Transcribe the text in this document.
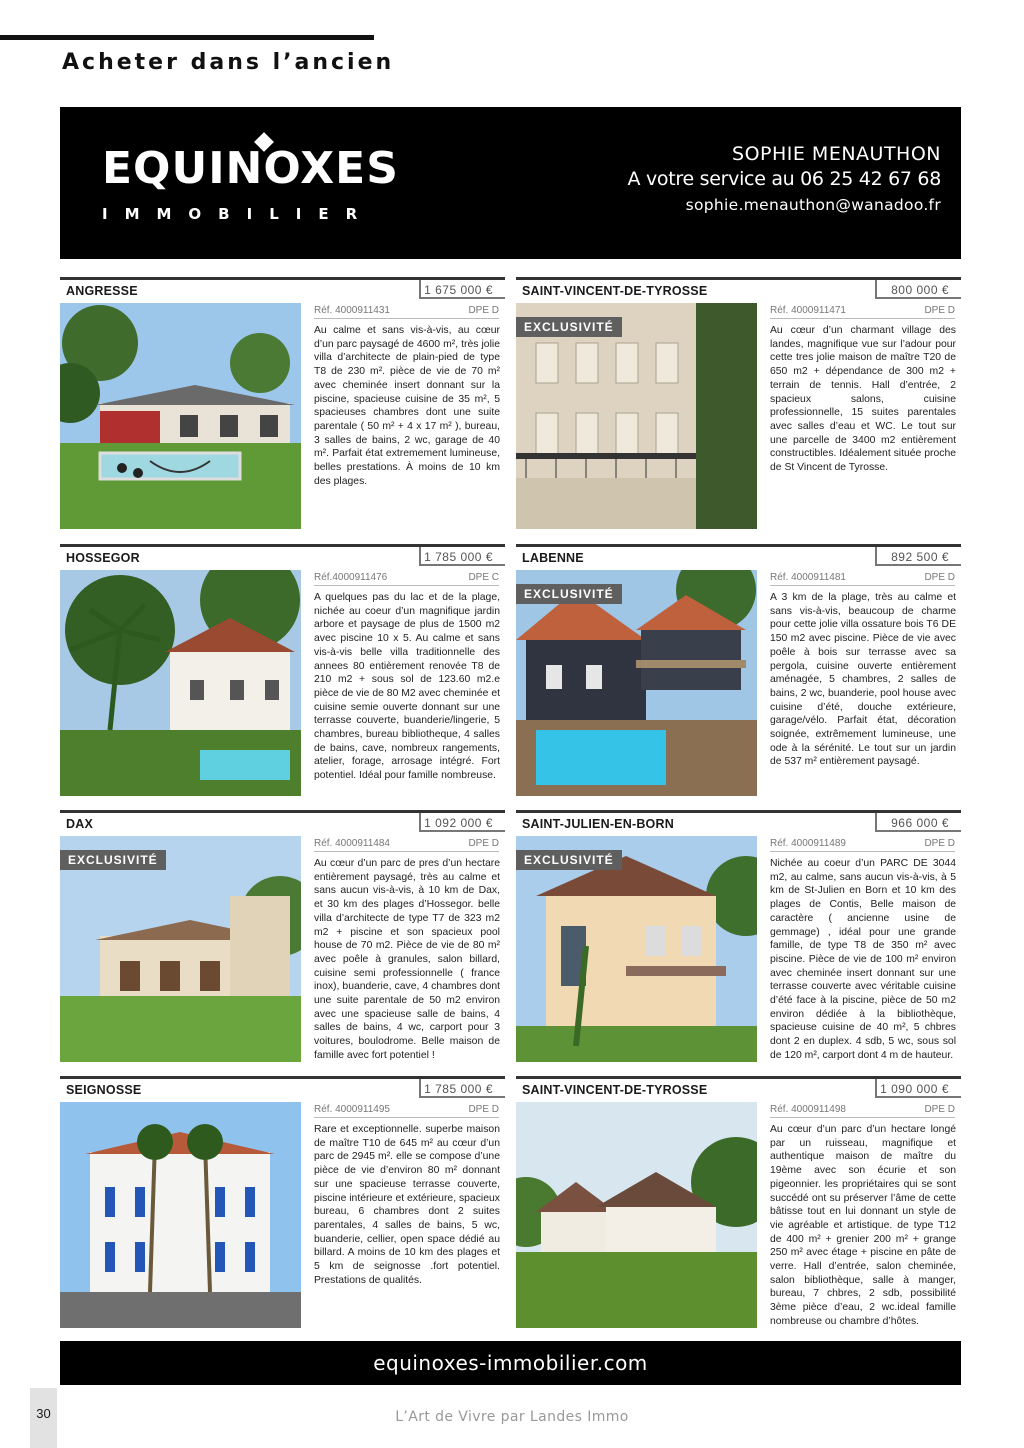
Acheter dans l’ancien
EQUINOXES
IMMOBILIER
SOPHIE MENAUTHON
A votre service au 06 25 42 67 68
sophie.menauthon@wanadoo.fr
ANGRESSE	1 675 000 €
Réf. 4000911431	DPE D
Au calme et sans vis-à-vis, au cœur d’un parc paysagé de 4600 m², très jolie villa d’architecte de plain-pied de type T8 de 230 m². pièce de vie de 70 m² avec cheminée insert donnant sur la piscine, spacieuse cuisine de 35 m², 5 spacieuses chambres dont une suite parentale ( 50 m² + 4 x 17 m² ), bureau, 3 salles de bains, 2 wc, garage de 40 m². Parfait état extremement lumineuse, belles prestations. À moins de 10 km des plages.
SAINT-VINCENT-DE-TYROSSE	800 000 €
EXCLUSIVITÉ
Réf. 4000911471	DPE D
Au cœur d’un charmant village des landes, magnifique vue sur l’adour pour cette tres jolie maison de maître T20 de 650 m2 + dépendance de 300 m2 + terrain de tennis. Hall d’entrée, 2 spacieux salons, cuisine professionnelle, 15 suites parentales avec salles d’eau et WC. Le tout sur une parcelle de 3400 m2 entièrement constructibles. Idéalement située proche de St Vincent de Tyrosse.
HOSSEGOR	1 785 000 €
Réf.4000911476	DPE C
A quelques pas du lac et de la plage, nichée au coeur d’un magnifique jardin arbore et paysage de plus de 1500 m2 avec piscine 10 x 5. Au calme et sans vis-à-vis belle villa traditionnelle des annees 80 entièrement renovée T8 de 210 m2 + sous sol de 123.60 m2.e pièce de vie de 80 M2 avec cheminée et cuisine semie ouverte donnant sur une terrasse couverte, buanderie/lingerie, 5 chambres, bureau bibliotheque, 4 salles de bains, cave, nombreux rangements, atelier, forage, arrosage intégré. Fort potentiel. Idéal pour famille nombreuse.
LABENNE	892 500 €
EXCLUSIVITÉ
Réf. 4000911481	DPE D
A 3 km de la plage, très au calme et sans vis-à-vis, beaucoup de charme pour cette jolie villa ossature bois T6 DE 150 m2 avec piscine. Pièce de vie avec poêle à bois sur terrasse avec sa pergola, cuisine ouverte entièrement aménagée, 5 chambres, 2 salles de bains, 2 wc, buanderie, pool house avec cuisine d’été, douche extérieure, garage/vélo. Parfait état, décoration soignée, extrêmement lumineuse, une ode à la sérénité. Le tout sur un jardin de 537 m² entièrement paysagé.
DAX	1 092 000 €
EXCLUSIVITÉ
Réf. 4000911484	DPE D
Au cœur d’un parc de pres d’un hectare entièrement paysagé, très au calme et sans aucun vis-à-vis, à 10 km de Dax, et 30 km des plages d’Hossegor. belle villa d’architecte de type T7 de 323 m2 m2 + piscine et son spacieux pool house de 70 m2. Pièce de vie de 80 m² avec poêle à granules, salon billard, cuisine semi professionnelle ( france inox), buanderie, cave, 4 chambres dont une suite parentale de 50 m2 environ avec une spacieuse salle de bains, 4 salles de bains, 4 wc, carport pour 3 voitures, boulodrome. Belle maison de famille avec fort potentiel !
SAINT-JULIEN-EN-BORN	966 000 €
EXCLUSIVITÉ
Réf. 4000911489	DPE D
Nichée au coeur d’un PARC DE 3044 m2, au calme, sans aucun vis-à-vis, à 5 km de St-Julien en Born et 10 km des plages de Contis, Belle maison de caractère ( ancienne usine de gemmage) , idéal pour une grande famille, de type T8 de 350 m² avec piscine. Pièce de vie de 100 m² environ avec cheminée insert donnant sur une terrasse couverte avec véritable cuisine d’été face à la piscine, pièce de 50 m2 environ dédiée à la bibliothèque, spacieuse cuisine de 40 m², 5 chbres dont 2 en duplex. 4 sdb, 5 wc, sous sol de 120 m², carport dont 4 m de hauteur.
SEIGNOSSE	1 785 000 €
Réf. 4000911495	DPE D
Rare et exceptionnelle. superbe maison de maître T10 de 645 m² au cœur d’un parc de 2945 m². elle se compose d’une pièce de vie d’environ 80 m² donnant sur une spacieuse terrasse couverte, piscine intérieure et extérieure, spacieux bureau, 6 chambres dont 2 suites parentales, 4 salles de bains, 5 wc, buanderie, cellier, open space dédié au billard. A moins de 10 km des plages et 5 km de seignosse .fort potentiel. Prestations de qualités.
SAINT-VINCENT-DE-TYROSSE	1 090 000 €
Réf. 4000911498	DPE D
Au cœur d’un parc d’un hectare longé par un ruisseau, magnifique et authentique maison de maître du 19ème avec son écurie et son pigeonnier. les propriétaires qui se sont succédé ont su préserver l’âme de cette bâtisse tout en lui donnant un style de vie agréable et artistique. de type T12 de 400 m² + grenier 200 m² + grange 250 m² avec étage + piscine en pâte de verre. Hall d’entrée, salon cheminée, salon bibliothèque, salle à manger, bureau, 7 chbres, 2 sdb, possibilité 3ème pièce d’eau, 2 wc.ideal famille nombreuse ou chambre d’hôtes.
equinoxes-immobilier.com
30	L’Art de Vivre par Landes Immo
